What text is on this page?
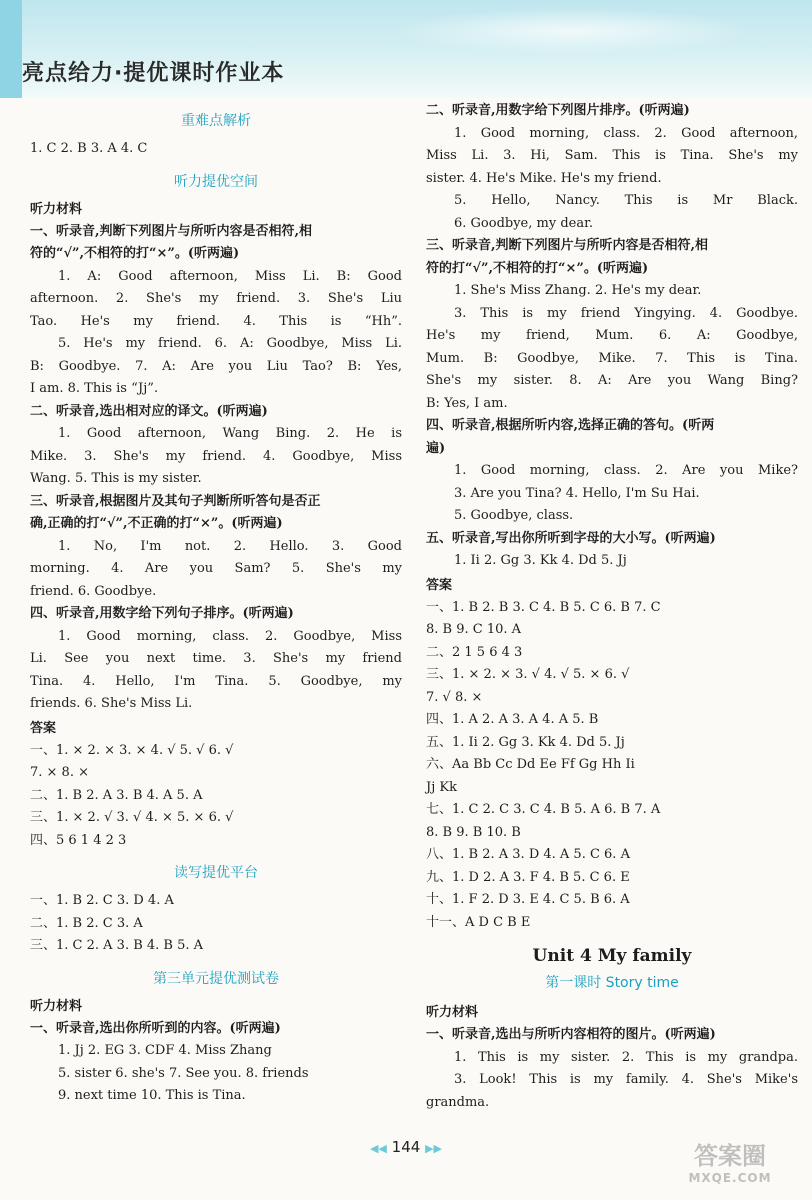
亮点给力·提优课时作业本
重难点解析
1. C 2. B 3. A 4. C
听力提优空间
听力材料
一、听录音,判断下列图片与所听内容是否相符,相
符的“√”,不相符的打“×”。(听两遍)
1. A: Good afternoon, Miss Li. B: Good
afternoon. 2. She's my friend. 3. She's Liu
Tao. He's my friend. 4. This is “Hh”.
5. He's my friend. 6. A: Goodbye, Miss Li.
B: Goodbye. 7. A: Are you Liu Tao? B: Yes,
I am. 8. This is “Jj”.
二、听录音,选出相对应的译文。(听两遍)
1. Good afternoon, Wang Bing. 2. He is
Mike. 3. She's my friend. 4. Goodbye, Miss
Wang. 5. This is my sister.
三、听录音,根据图片及其句子判断所听答句是否正
确,正确的打“√”,不正确的打“×”。(听两遍)
1. No, I'm not. 2. Hello. 3. Good
morning. 4. Are you Sam? 5. She's my
friend. 6. Goodbye.
四、听录音,用数字给下列句子排序。(听两遍)
1. Good morning, class. 2. Goodbye, Miss
Li. See you next time. 3. She's my friend
Tina. 4. Hello, I'm Tina. 5. Goodbye, my
friends. 6. She's Miss Li.
答案
一、1. × 2. × 3. × 4. √ 5. √ 6. √
7. × 8. ×
二、1. B 2. A 3. B 4. A 5. A
三、1. × 2. √ 3. √ 4. × 5. × 6. √
四、5 6 1 4 2 3
读写提优平台
一、1. B 2. C 3. D 4. A
二、1. B 2. C 3. A
三、1. C 2. A 3. B 4. B 5. A
第三单元提优测试卷
听力材料
一、听录音,选出你所听到的内容。(听两遍)
1. Jj 2. EG 3. CDF 4. Miss Zhang
5. sister 6. she's 7. See you. 8. friends
9. next time 10. This is Tina.
二、听录音,用数字给下列图片排序。(听两遍)
1. Good morning, class. 2. Good afternoon,
Miss Li. 3. Hi, Sam. This is Tina. She's my
sister. 4. He's Mike. He's my friend.
5. Hello, Nancy. This is Mr Black.
6. Goodbye, my dear.
三、听录音,判断下列图片与所听内容是否相符,相
符的打“√”,不相符的打“×”。(听两遍)
1. She's Miss Zhang. 2. He's my dear.
3. This is my friend Yingying. 4. Goodbye.
He's my friend, Mum. 6. A: Goodbye,
Mum. B: Goodbye, Mike. 7. This is Tina.
She's my sister. 8. A: Are you Wang Bing?
B: Yes, I am.
四、听录音,根据所听内容,选择正确的答句。(听两
遍)
1. Good morning, class. 2. Are you Mike?
3. Are you Tina? 4. Hello, I'm Su Hai.
5. Goodbye, class.
五、听录音,写出你所听到字母的大小写。(听两遍)
1. Ii 2. Gg 3. Kk 4. Dd 5. Jj
答案
一、1. B 2. B 3. C 4. B 5. C 6. B 7. C
8. B 9. C 10. A
二、2 1 5 6 4 3
三、1. × 2. × 3. √ 4. √ 5. × 6. √
7. √ 8. ×
四、1. A 2. A 3. A 4. A 5. B
五、1. Ii 2. Gg 3. Kk 4. Dd 5. Jj
六、Aa Bb Cc Dd Ee Ff Gg Hh Ii
Jj Kk
七、1. C 2. C 3. C 4. B 5. A 6. B 7. A
8. B 9. B 10. B
八、1. B 2. A 3. D 4. A 5. C 6. A
九、1. D 2. A 3. F 4. B 5. C 6. E
十、1. F 2. D 3. E 4. C 5. B 6. A
十一、A D C B E
Unit 4 My family
第一课时 Story time
听力材料
一、听录音,选出与所听内容相符的图片。(听两遍)
1. This is my sister. 2. This is my grandpa.
3. Look! This is my family. 4. She's Mike's
grandma.
◀◀ 144 ▶▶	答案圈
MXQE.COM
